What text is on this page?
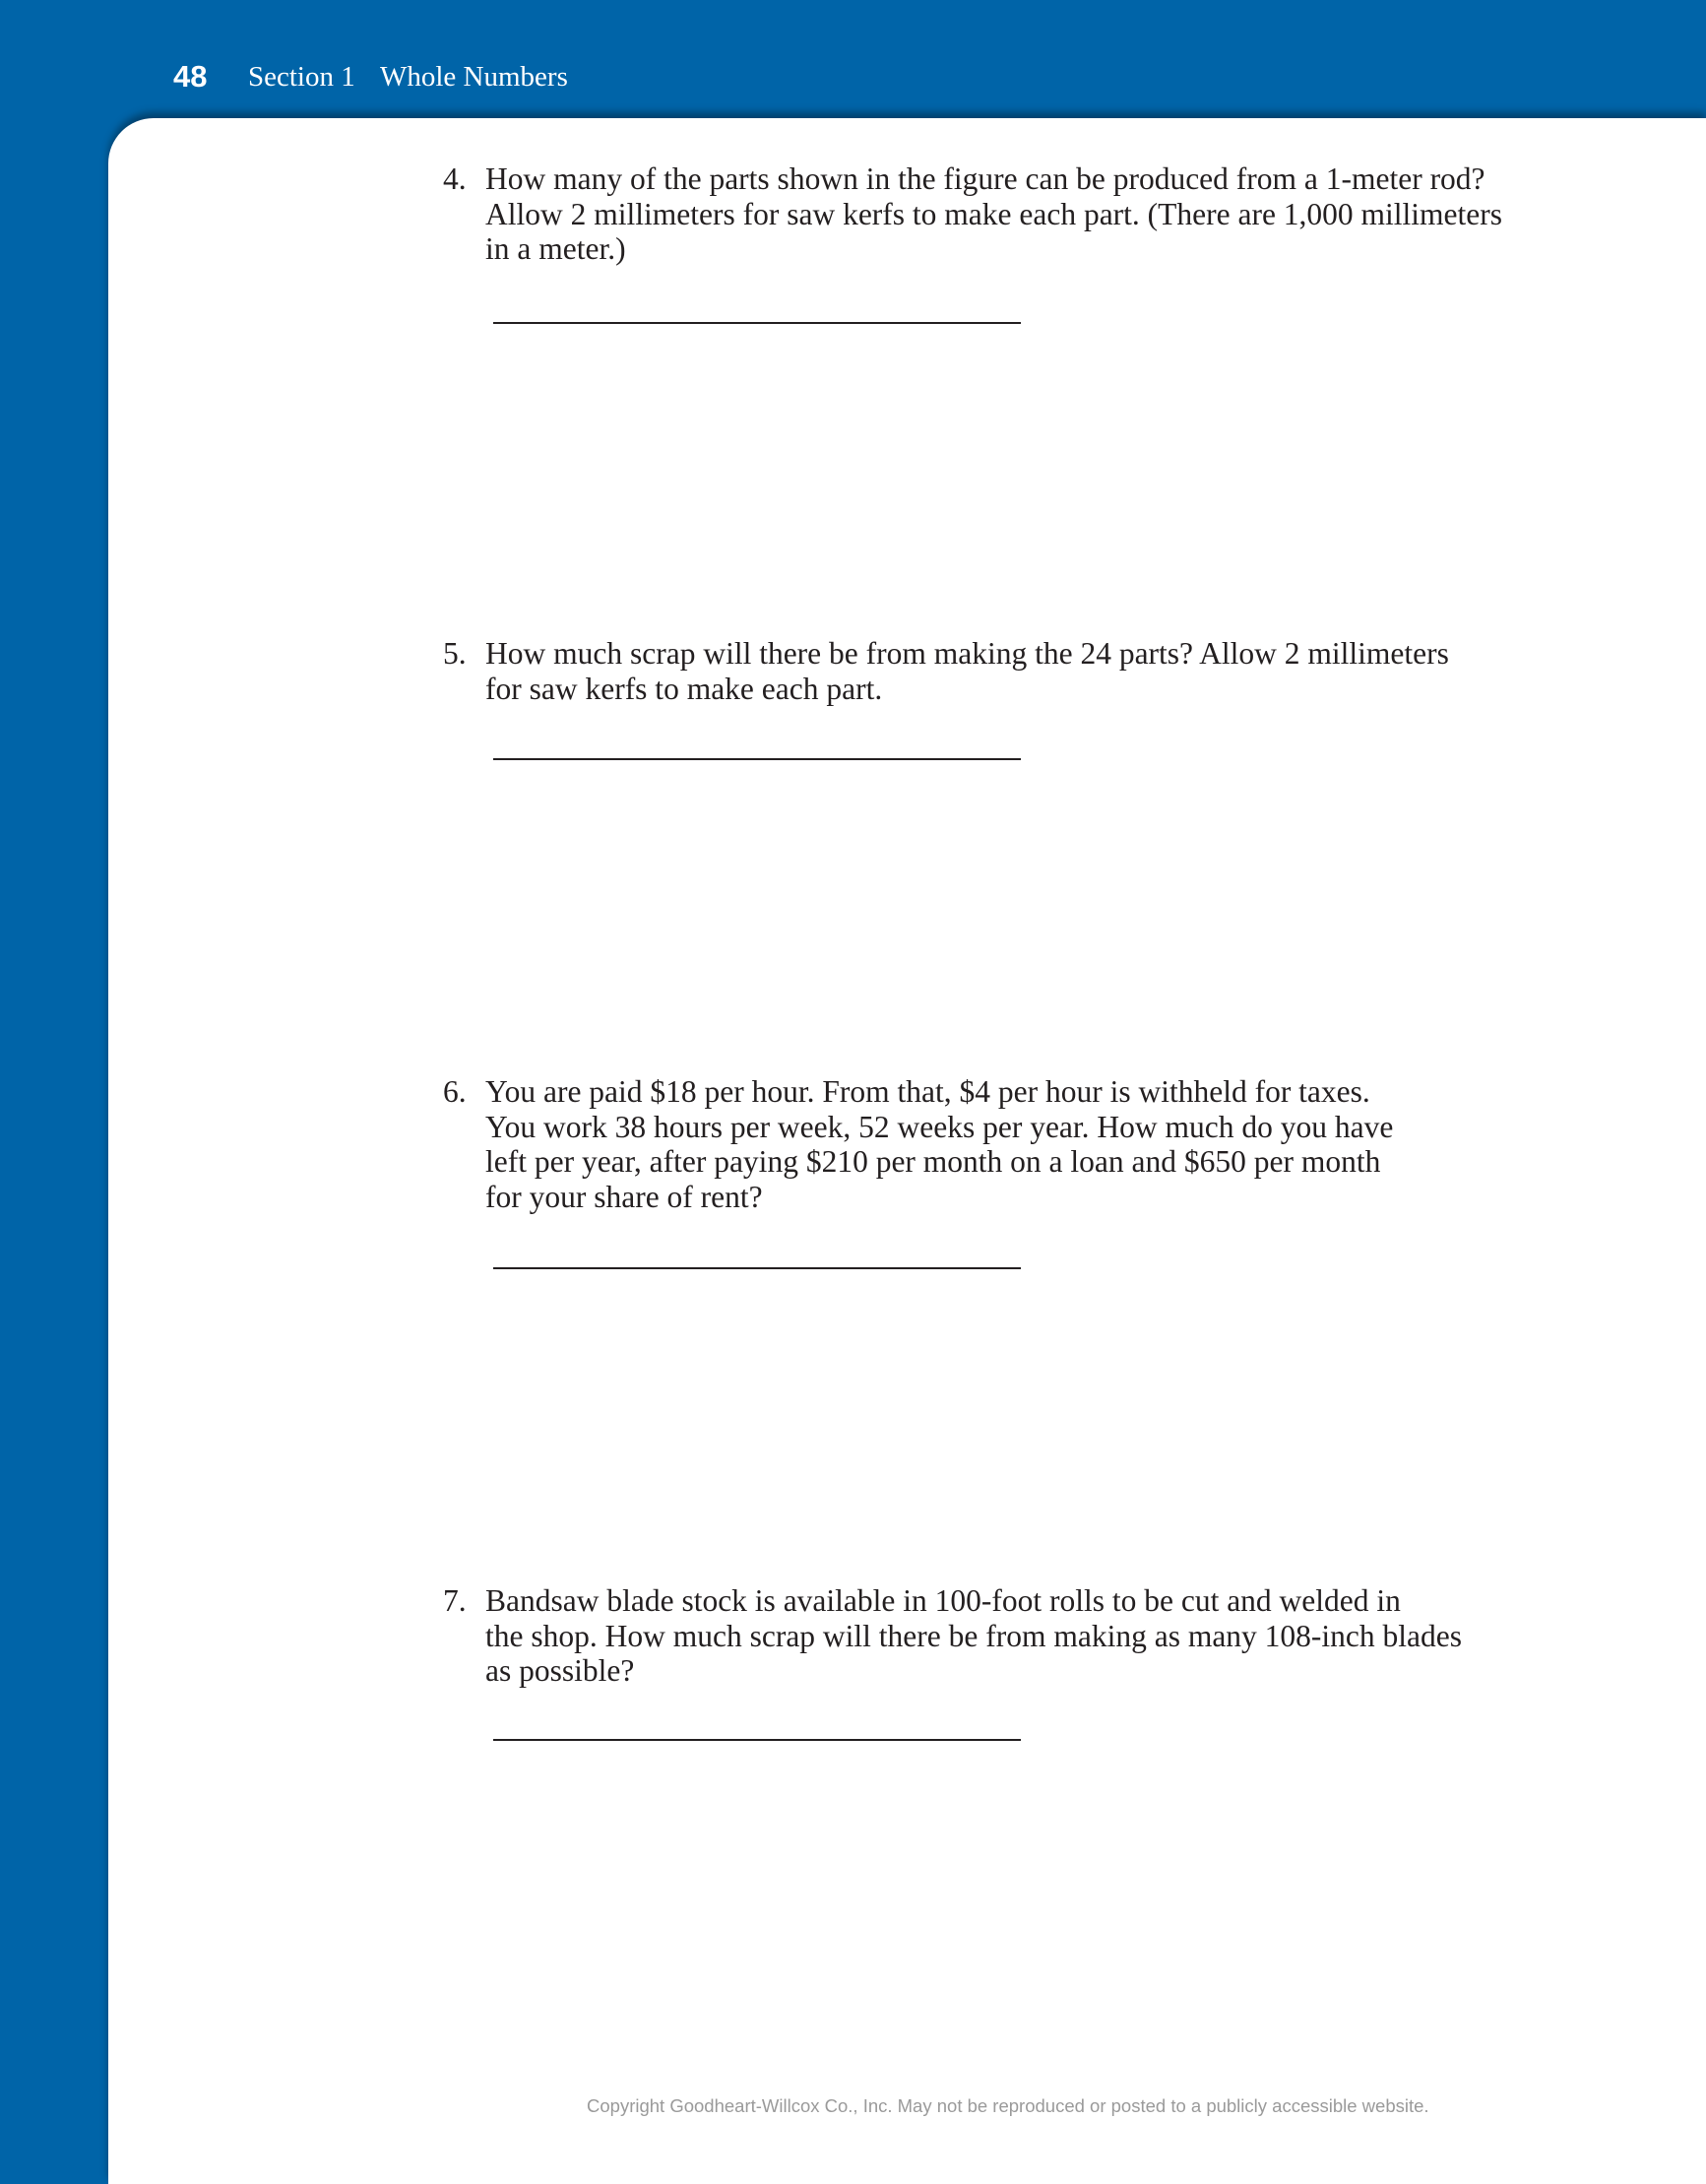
48 Section 1 Whole Numbers
4. How many of the parts shown in the figure can be produced from a 1-meter rod?
Allow 2 millimeters for saw kerfs to make each part. (There are 1,000 millimeters
in a meter.)
5. How much scrap will there be from making the 24 parts? Allow 2 millimeters
for saw kerfs to make each part.
6. You are paid $18 per hour. From that, $4 per hour is withheld for taxes.
You work 38 hours per week, 52 weeks per year. How much do you have
left per year, after paying $210 per month on a loan and $650 per month
for your share of rent?
7. Bandsaw blade stock is available in 100-foot rolls to be cut and welded in
the shop. How much scrap will there be from making as many 108-inch blades
as possible?
Copyright Goodheart-Willcox Co., Inc. May not be reproduced or posted to a publicly accessible website.
